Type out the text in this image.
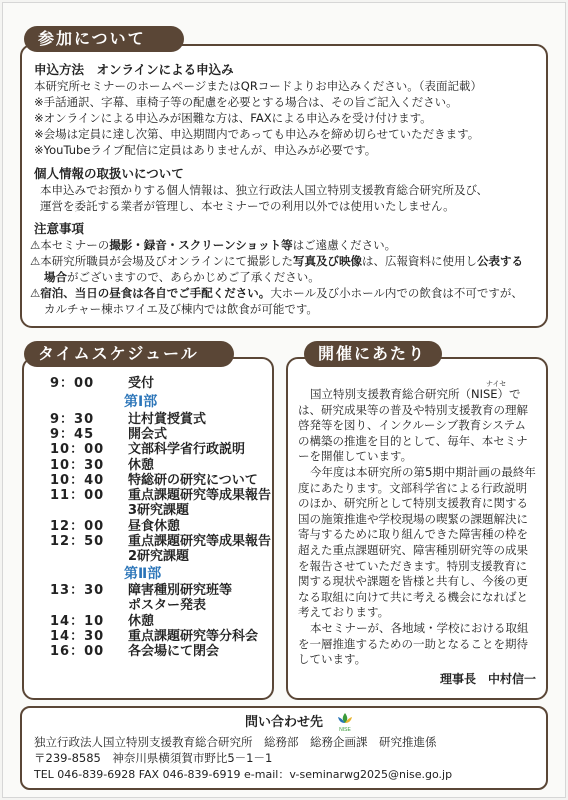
参加について
申込方法　オンラインによる申込み
本研究所セミナーのホームページまたはQRコードよりお申込みください。（表面記載）
※手話通訳、字幕、車椅子等の配慮を必要とする場合は、その旨ご記入ください。
※オンラインによる申込みが困難な方は、FAXによる申込みを受け付けます。
※会場は定員に達し次第、申込期間内であっても申込みを締め切らせていただきます。
※YouTubeライブ配信に定員はありませんが、申込みが必要です。
個人情報の取扱いについて
本申込みでお預かりする個人情報は、独立行政法人国立特別支援教育総合研究所及び、
運営を委託する業者が管理し、本セミナーでの利用以外では使用いたしません。
注意事項
⚠本セミナーの撮影・録音・スクリーンショット等はご遠慮ください。
⚠本研究所職員が会場及びオンラインにて撮影した写真及び映像は、広報資料に使用し公表する
場合がございますので、あらかじめご了承ください。
⚠宿泊、当日の昼食は各自でご手配ください。大ホール及び小ホール内での飲食は不可ですが、
カルチャー棟ホワイエ及び棟内では飲食が可能です。
タイムスケジュール
9：00	受付
第Ⅰ部
9：30	辻村賞授賞式
9：45	開会式
10：00 文部科学省行政説明
10：30 休憩
10：40 特総研の研究について
11：00 重点課題研究等成果報告
3研究課題
12：00 昼食休憩
12：50 重点課題研究等成果報告
2研究課題
第Ⅱ部
13：30 障害種別研究班等
ポスター発表
14：10 休憩
14：30 重点課題研究等分科会
16：00 各会場にて閉会
開催にあたり
ナイセ
国立特別支援教育総合研究所（NISE）で
は、研究成果等の普及や特別支援教育の理解
啓発等を図り、インクルーシブ教育システム
の構築の推進を目的として、毎年、本セミナ
ーを開催しています。
今年度は本研究所の第5期中期計画の最終年
度にあたります。文部科学省による行政説明
のほか、研究所として特別支援教育に関する
国の施策推進や学校現場の喫緊の課題解決に
寄与するために取り組んできた障害種の枠を
超えた重点課題研究、障害種別研究等の成果
を報告させていただきます。特別支援教育に
関する現状や課題を皆様と共有し、今後の更
なる取組に向けて共に考える機会になればと
考えております。
本セミナーが、各地域・学校における取組
を一層推進するための一助となることを期待
しています。
理事長　中村信一
問い合わせ先	NISE
独立行政法人国立特別支援教育総合研究所　総務部　総務企画課　研究推進係
〒239-8585　神奈川県横須賀市野比5－1－1
TEL 046-839-6928 FAX 046-839-6919 e-mail：v-seminarwg2025@nise.go.jp
